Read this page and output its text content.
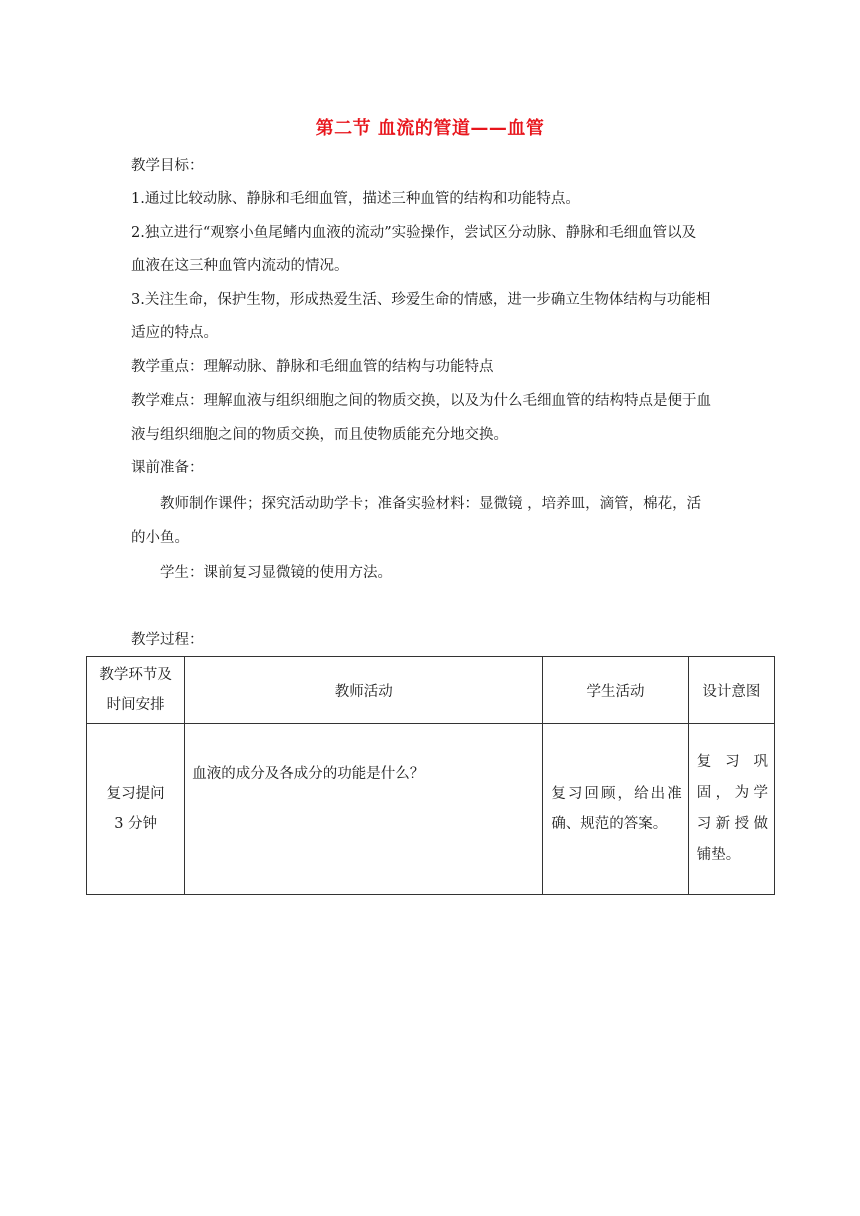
第二节 血流的管道——血管
教学目标：
1.通过比较动脉、静脉和毛细血管，描述三种血管的结构和功能特点。
2.独立进行“观察小鱼尾鳍内血液的流动”实验操作，尝试区分动脉、静脉和毛细血管以及
血液在这三种血管内流动的情况。
3.关注生命，保护生物，形成热爱生活、珍爱生命的情感，进一步确立生物体结构与功能相
适应的特点。
教学重点：理解动脉、静脉和毛细血管的结构与功能特点
教学难点：理解血液与组织细胞之间的物质交换，以及为什么毛细血管的结构特点是便于血
液与组织细胞之间的物质交换，而且使物质能充分地交换。
课前准备：
教师制作课件；探究活动助学卡；准备实验材料：显微镜 ，培养皿，滴管，棉花，活
的小鱼。
学生：课前复习显微镜的使用方法。
教学过程：
教学环节及
时间安排	教师活动	学生活动	设计意图

复习提问
3 分钟	血液的成分及各成分的功能是什么？	复习回顾，给出准确、规范的答案。	复习巩固，为学习新授做铺垫。
